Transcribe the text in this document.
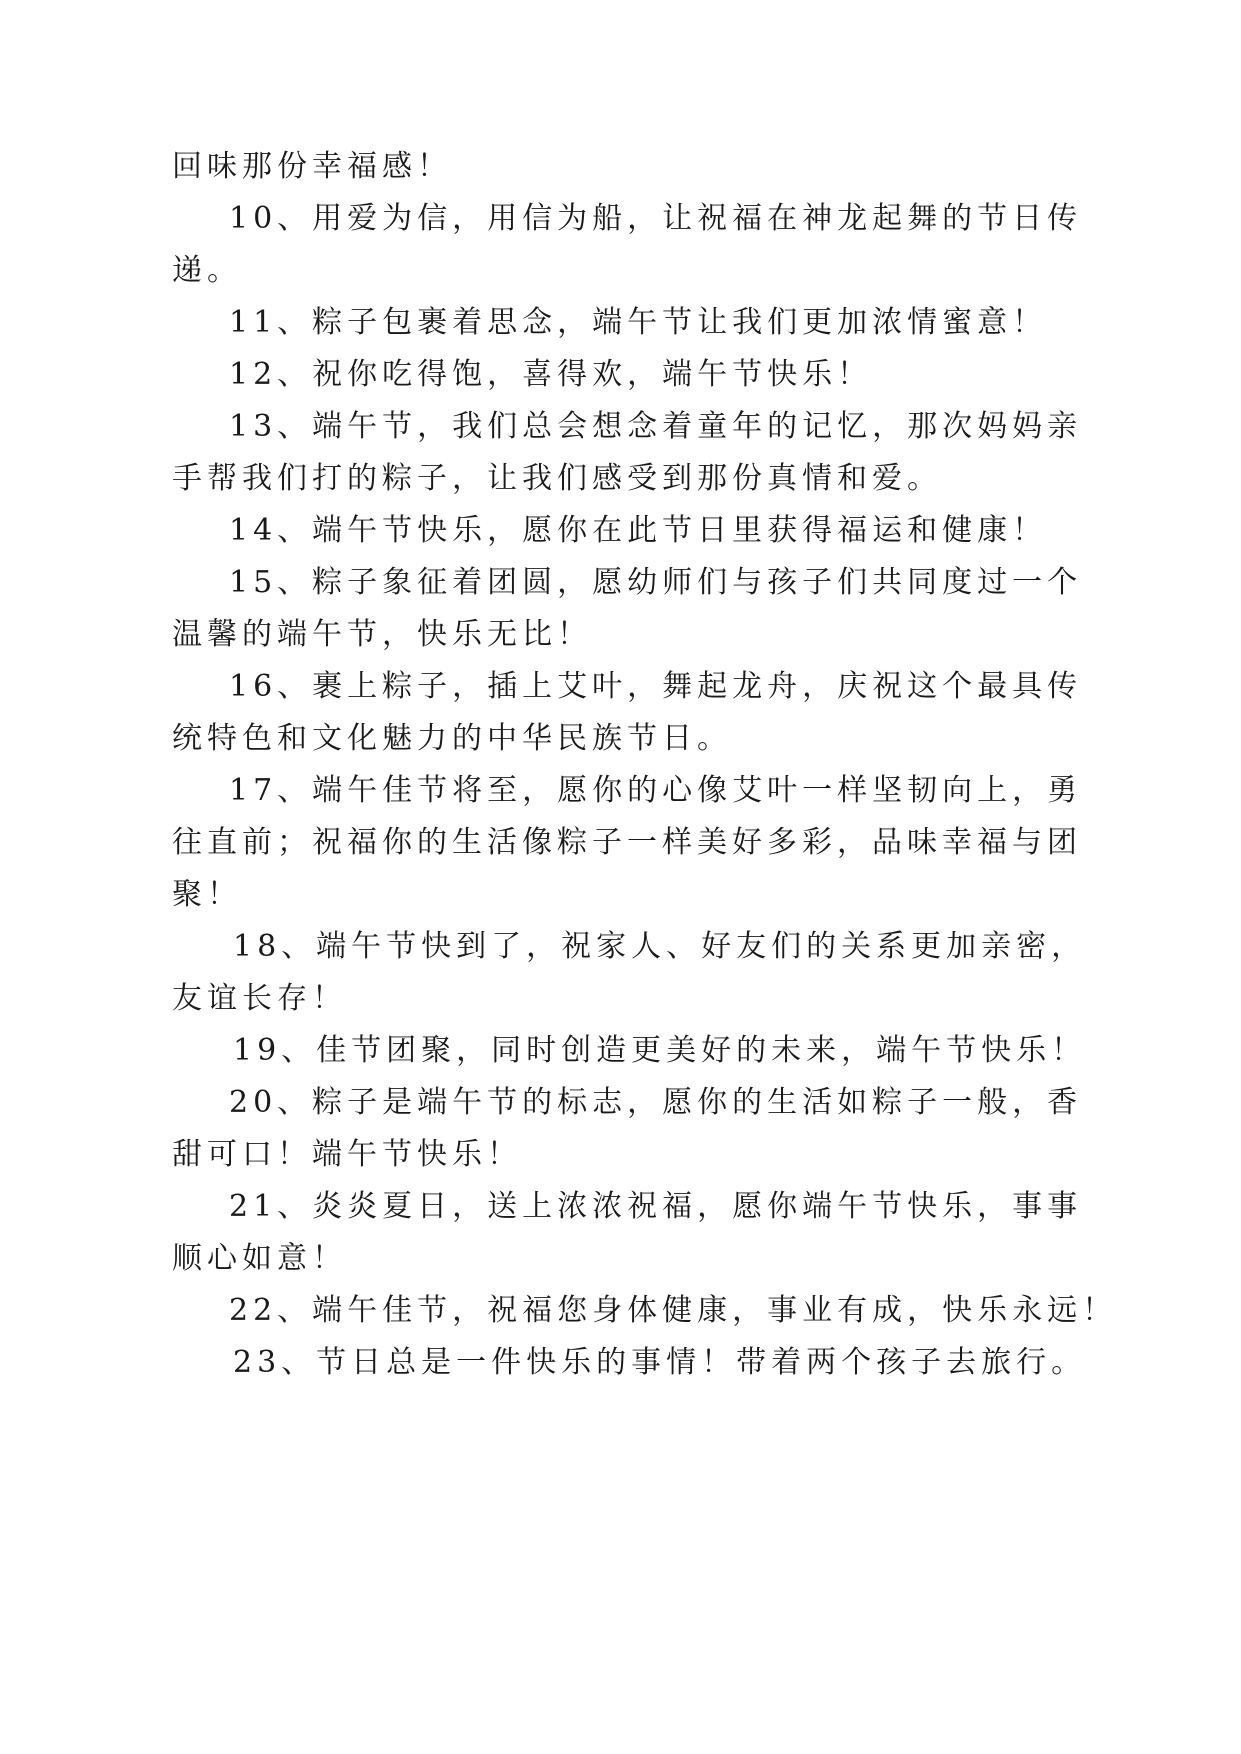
回味那份幸福感！
10、用爱为信，用信为船，让祝福在神龙起舞的节日传
递。
11、粽子包裹着思念，端午节让我们更加浓情蜜意！
12、祝你吃得饱，喜得欢，端午节快乐！
13、端午节，我们总会想念着童年的记忆，那次妈妈亲
手帮我们打的粽子，让我们感受到那份真情和爱。
14、端午节快乐，愿你在此节日里获得福运和健康！
15、粽子象征着团圆，愿幼师们与孩子们共同度过一个
温馨的端午节，快乐无比！
16、裹上粽子，插上艾叶，舞起龙舟，庆祝这个最具传
统特色和文化魅力的中华民族节日。
17、端午佳节将至，愿你的心像艾叶一样坚韧向上，勇
往直前；祝福你的生活像粽子一样美好多彩，品味幸福与团
聚！
18、端午节快到了，祝家人、好友们的关系更加亲密，
友谊长存！
19、佳节团聚，同时创造更美好的未来，端午节快乐！
20、粽子是端午节的标志，愿你的生活如粽子一般，香
甜可口！端午节快乐！
21、炎炎夏日，送上浓浓祝福，愿你端午节快乐，事事
顺心如意！
22、端午佳节，祝福您身体健康，事业有成，快乐永远！
23、节日总是一件快乐的事情！带着两个孩子去旅行。
